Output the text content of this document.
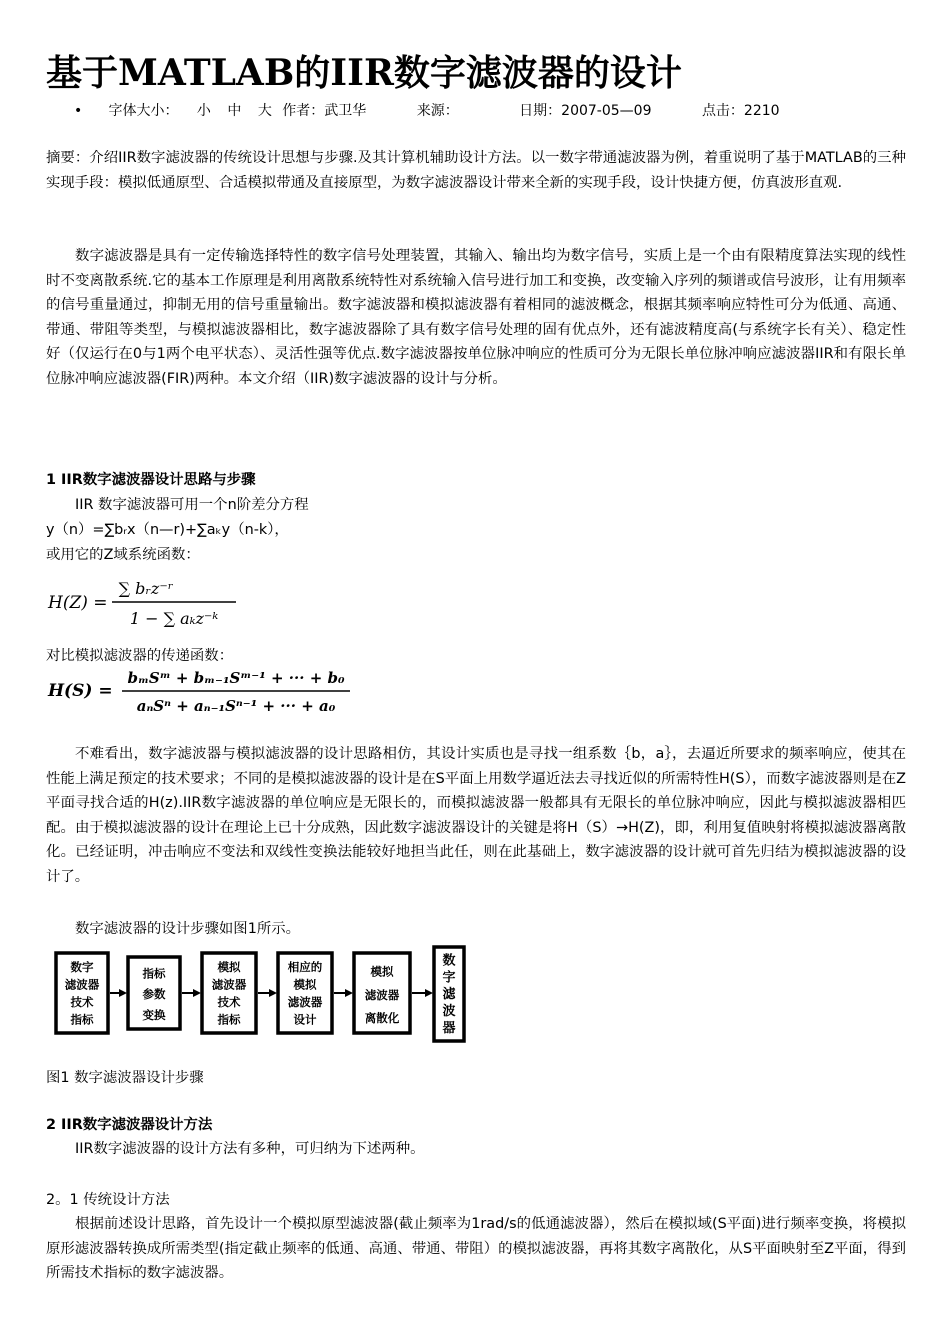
基于MATLAB的IIR数字滤波器的设计
• 字体大小： 小 中 大 作者：武卫华	来源：	日期：2007-05—09	点击：2210

摘要：介绍IIR数字滤波器的传统设计思想与步骤.及其计算机辅助设计方法。以一数字带通滤波器为例，着重说明了基于MATLAB的三种实现手段：模拟低通原型、合适模拟带通及直接原型，为数字滤波器设计带来全新的实现手段，设计快捷方便，仿真波形直观.

数字滤波器是具有一定传输选择特性的数字信号处理装置，其输入、输出均为数字信号，实质上是一个由有限精度算法实现的线性时不变离散系统.它的基本工作原理是利用离散系统特性对系统输入信号进行加工和变换，改变输入序列的频谱或信号波形，让有用频率的信号重量通过，抑制无用的信号重量输出。数字滤波器和模拟滤波器有着相同的滤波概念，根据其频率响应特性可分为低通、高通、带通、带阻等类型，与模拟滤波器相比，数字滤波器除了具有数字信号处理的固有优点外，还有滤波精度高(与系统字长有关）、稳定性好（仅运行在0与1两个电平状态）、灵活性强等优点.数字滤波器按单位脉冲响应的性质可分为无限长单位脉冲响应滤波器IIR和有限长单位脉冲响应滤波器(FIR)两种。本文介绍（IIR)数字滤波器的设计与分析。

1 IIR数字滤波器设计思路与步骤
IIR 数字滤波器可用一个n阶差分方程
y（n）=∑bᵣx（n—r)+∑aₖy（n-k），
或用它的Z域系统函数：
H(Z) =
∑ bᵣz⁻ʳ
1 − ∑ aₖz⁻ᵏ
对比模拟滤波器的传递函数：
H(S) =
bₘSᵐ + bₘ₋₁Sᵐ⁻¹ + ··· + b₀
aₙSⁿ + aₙ₋₁Sⁿ⁻¹ + ··· + a₀

不难看出，数字滤波器与模拟滤波器的设计思路相仿，其设计实质也是寻找一组系数｛b，a｝，去逼近所要求的频率响应，使其在性能上满足预定的技术要求；不同的是模拟滤波器的设计是在S平面上用数学逼近法去寻找近似的所需特性H(S），而数字滤波器则是在Z平面寻找合适的H(z).IIR数字滤波器的单位响应是无限长的，而模拟滤波器一般都具有无限长的单位脉冲响应，因此与模拟滤波器相匹配。由于模拟滤波器的设计在理论上已十分成熟，因此数字滤波器设计的关键是将H（S）→H(Z)，即，利用复值映射将模拟滤波器离散化。已经证明，冲击响应不变法和双线性变换法能较好地担当此任，则在此基础上，数字滤波器的设计就可首先归结为模拟滤波器的设计了。

数字滤波器的设计步骤如图1所示。
数字
滤波器
技术
指标
指标
参数
变换
模拟
滤波器
技术
指标
相应的
模拟
滤波器
设计
模拟
滤波器
离散化
数
字
滤
波
器
图1 数字滤波器设计步骤
2 IIR数字滤波器设计方法
IIR数字滤波器的设计方法有多种，可归纳为下述两种。
2。1 传统设计方法

根据前述设计思路，首先设计一个模拟原型滤波器(截止频率为1rad/s的低通滤波器），然后在模拟域(S平面)进行频率变换，将模拟原形滤波器转换成所需类型(指定截止频率的低通、高通、带通、带阻）的模拟滤波器，再将其数字离散化，从S平面映射至Z平面，得到所需技术指标的数字滤波器。
